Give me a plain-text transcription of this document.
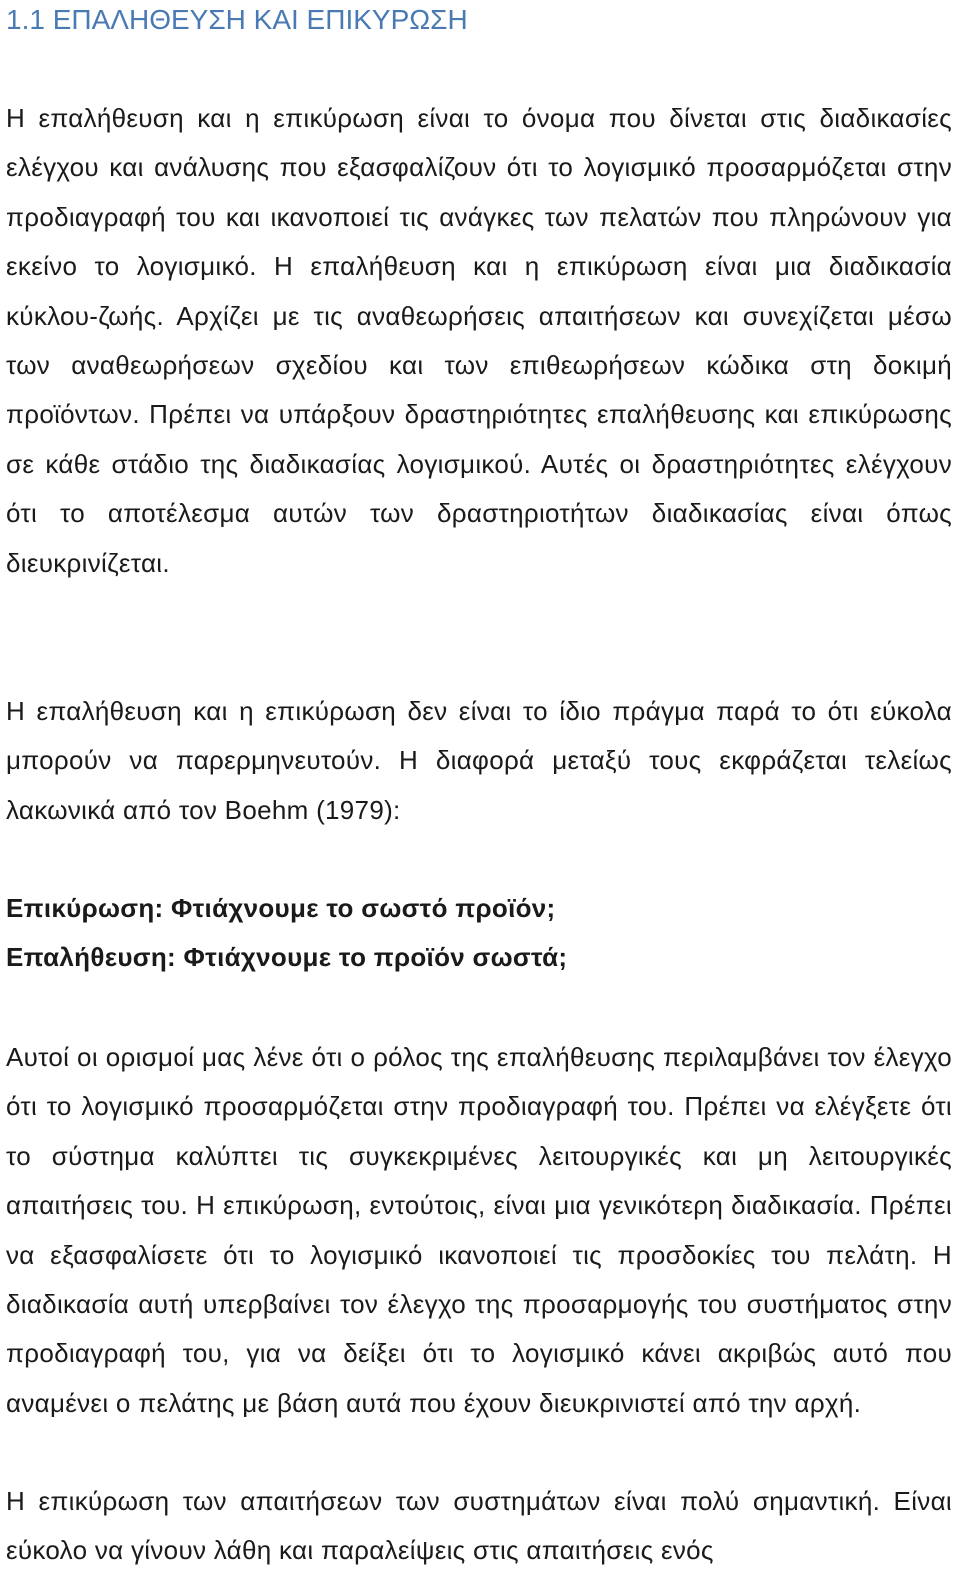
1.1 ΕΠΑΛΗΘΕΥΣΗ ΚΑΙ ΕΠΙΚΥΡΩΣΗ

Η επαλήθευση και η επικύρωση είναι το όνομα που δίνεται στις διαδικασίες ελέγχου και ανάλυσης που εξασφαλίζουν ότι το λογισμικό προσαρμόζεται στην προδιαγραφή του και ικανοποιεί τις ανάγκες των πελατών που πληρώνουν για εκείνο το λογισμικό. Η επαλήθευση και η επικύρωση είναι μια διαδικασία κύκλου-ζωής. Αρχίζει με τις αναθεωρήσεις απαιτήσεων και συνεχίζεται μέσω των αναθεωρήσεων σχεδίου και των επιθεωρήσεων κώδικα στη δοκιμή προϊόντων. Πρέπει να υπάρξουν δραστηριότητες επαλήθευσης και επικύρωσης σε κάθε στάδιο της διαδικασίας λογισμικού. Αυτές οι δραστηριότητες ελέγχουν ότι το αποτέλεσμα αυτών των δραστηριοτήτων διαδικασίας είναι όπως διευκρινίζεται.

Η επαλήθευση και η επικύρωση δεν είναι το ίδιο πράγμα παρά το ότι εύκολα μπορούν να παρερμηνευτούν. Η διαφορά μεταξύ τους εκφράζεται τελείως λακωνικά από τον Boehm (1979):

Επικύρωση: Φτιάχνουμε το σωστό προϊόν;
Επαλήθευση: Φτιάχνουμε το προϊόν σωστά;

Αυτοί οι ορισμοί μας λένε ότι ο ρόλος της επαλήθευσης περιλαμβάνει τον έλεγχο ότι το λογισμικό προσαρμόζεται στην προδιαγραφή του. Πρέπει να ελέγξετε ότι το σύστημα καλύπτει τις συγκεκριμένες λειτουργικές και μη λειτουργικές απαιτήσεις του. Η επικύρωση, εντούτοις, είναι μια γενικότερη διαδικασία. Πρέπει να εξασφαλίσετε ότι το λογισμικό ικανοποιεί τις προσδοκίες του πελάτη. Η διαδικασία αυτή υπερβαίνει τον έλεγχο της προσαρμογής του συστήματος στην προδιαγραφή του, για να δείξει ότι το λογισμικό κάνει ακριβώς αυτό που αναμένει ο πελάτης με βάση αυτά που έχουν διευκρινιστεί από την αρχή.

Η επικύρωση των απαιτήσεων των συστημάτων είναι πολύ σημαντική. Είναι εύκολο να γίνουν λάθη και παραλείψεις στις απαιτήσεις ενός
